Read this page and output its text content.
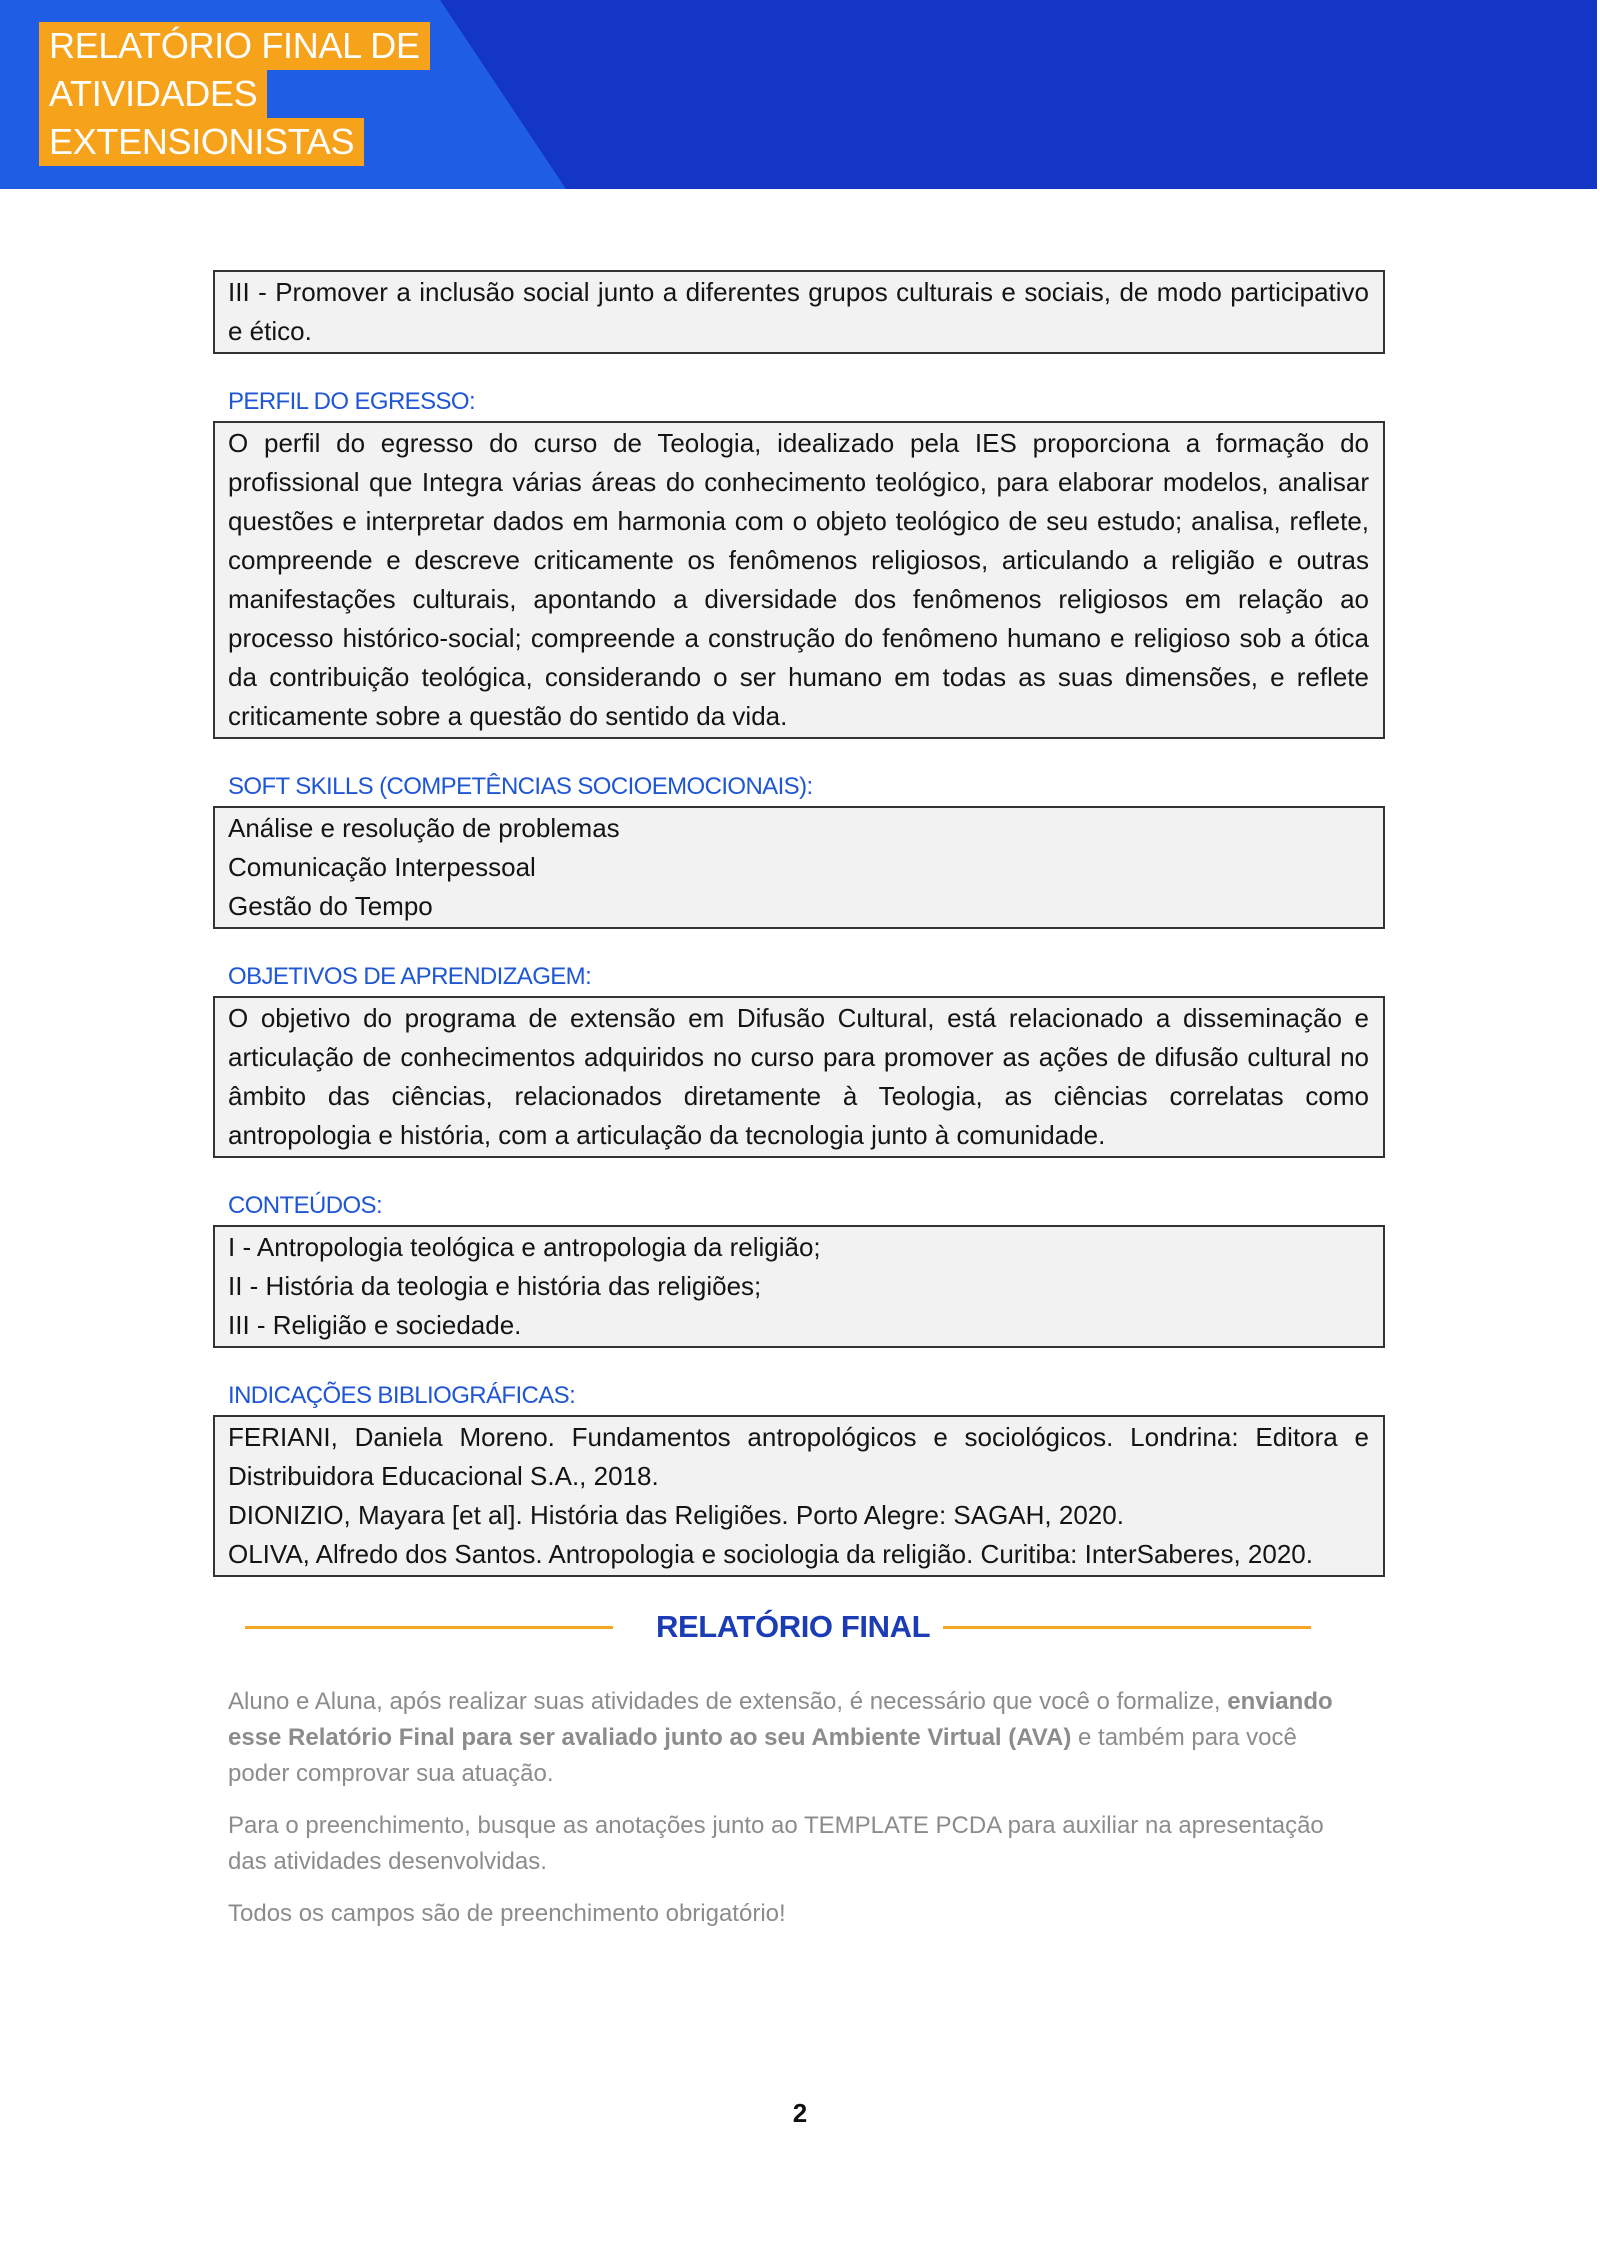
RELATÓRIO FINAL DE
ATIVIDADES
EXTENSIONISTAS

III - Promover a inclusão social junto a diferentes grupos culturais e sociais, de modo participativo e ético.

PERFIL DO EGRESSO:

O perfil do egresso do curso de Teologia, idealizado pela IES proporciona a formação do profissional que Integra várias áreas do conhecimento teológico, para elaborar modelos, analisar questões e interpretar dados em harmonia com o objeto teológico de seu estudo; analisa, reflete, compreende e descreve criticamente os fenômenos religiosos, articulando a religião e outras manifestações culturais, apontando a diversidade dos fenômenos religiosos em relação ao processo histórico-social; compreende a construção do fenômeno humano e religioso sob a ótica da contribuição teológica, considerando o ser humano em todas as suas dimensões, e reflete criticamente sobre a questão do sentido da vida.

SOFT SKILLS (COMPETÊNCIAS SOCIOEMOCIONAIS):
Análise e resolução de problemas
Comunicação Interpessoal
Gestão do Tempo
OBJETIVOS DE APRENDIZAGEM:

O objetivo do programa de extensão em Difusão Cultural, está relacionado a disseminação e articulação de conhecimentos adquiridos no curso para promover as ações de difusão cultural no âmbito das ciências, relacionados diretamente à Teologia, as ciências correlatas como antropologia e história, com a articulação da tecnologia junto à comunidade.

CONTEÚDOS:
I - Antropologia teológica e antropologia da religião;
II - História da teologia e história das religiões;
III - Religião e sociedade.
INDICAÇÕES BIBLIOGRÁFICAS:
FERIANI, Daniela Moreno. Fundamentos antropológicos e sociológicos. Londrina: Editora e Distribuidora Educacional S.A., 2018.
DIONIZIO, Mayara [et al]. História das Religiões. Porto Alegre: SAGAH, 2020.
OLIVA, Alfredo dos Santos. Antropologia e sociologia da religião. Curitiba: InterSaberes, 2020.
RELATÓRIO FINAL

Aluno e Aluna, após realizar suas atividades de extensão, é necessário que você o formalize, enviando esse Relatório Final para ser avaliado junto ao seu Ambiente Virtual (AVA) e também para você poder comprovar sua atuação.

Para o preenchimento, busque as anotações junto ao TEMPLATE PCDA para auxiliar na apresentação das atividades desenvolvidas.

Todos os campos são de preenchimento obrigatório!

2
